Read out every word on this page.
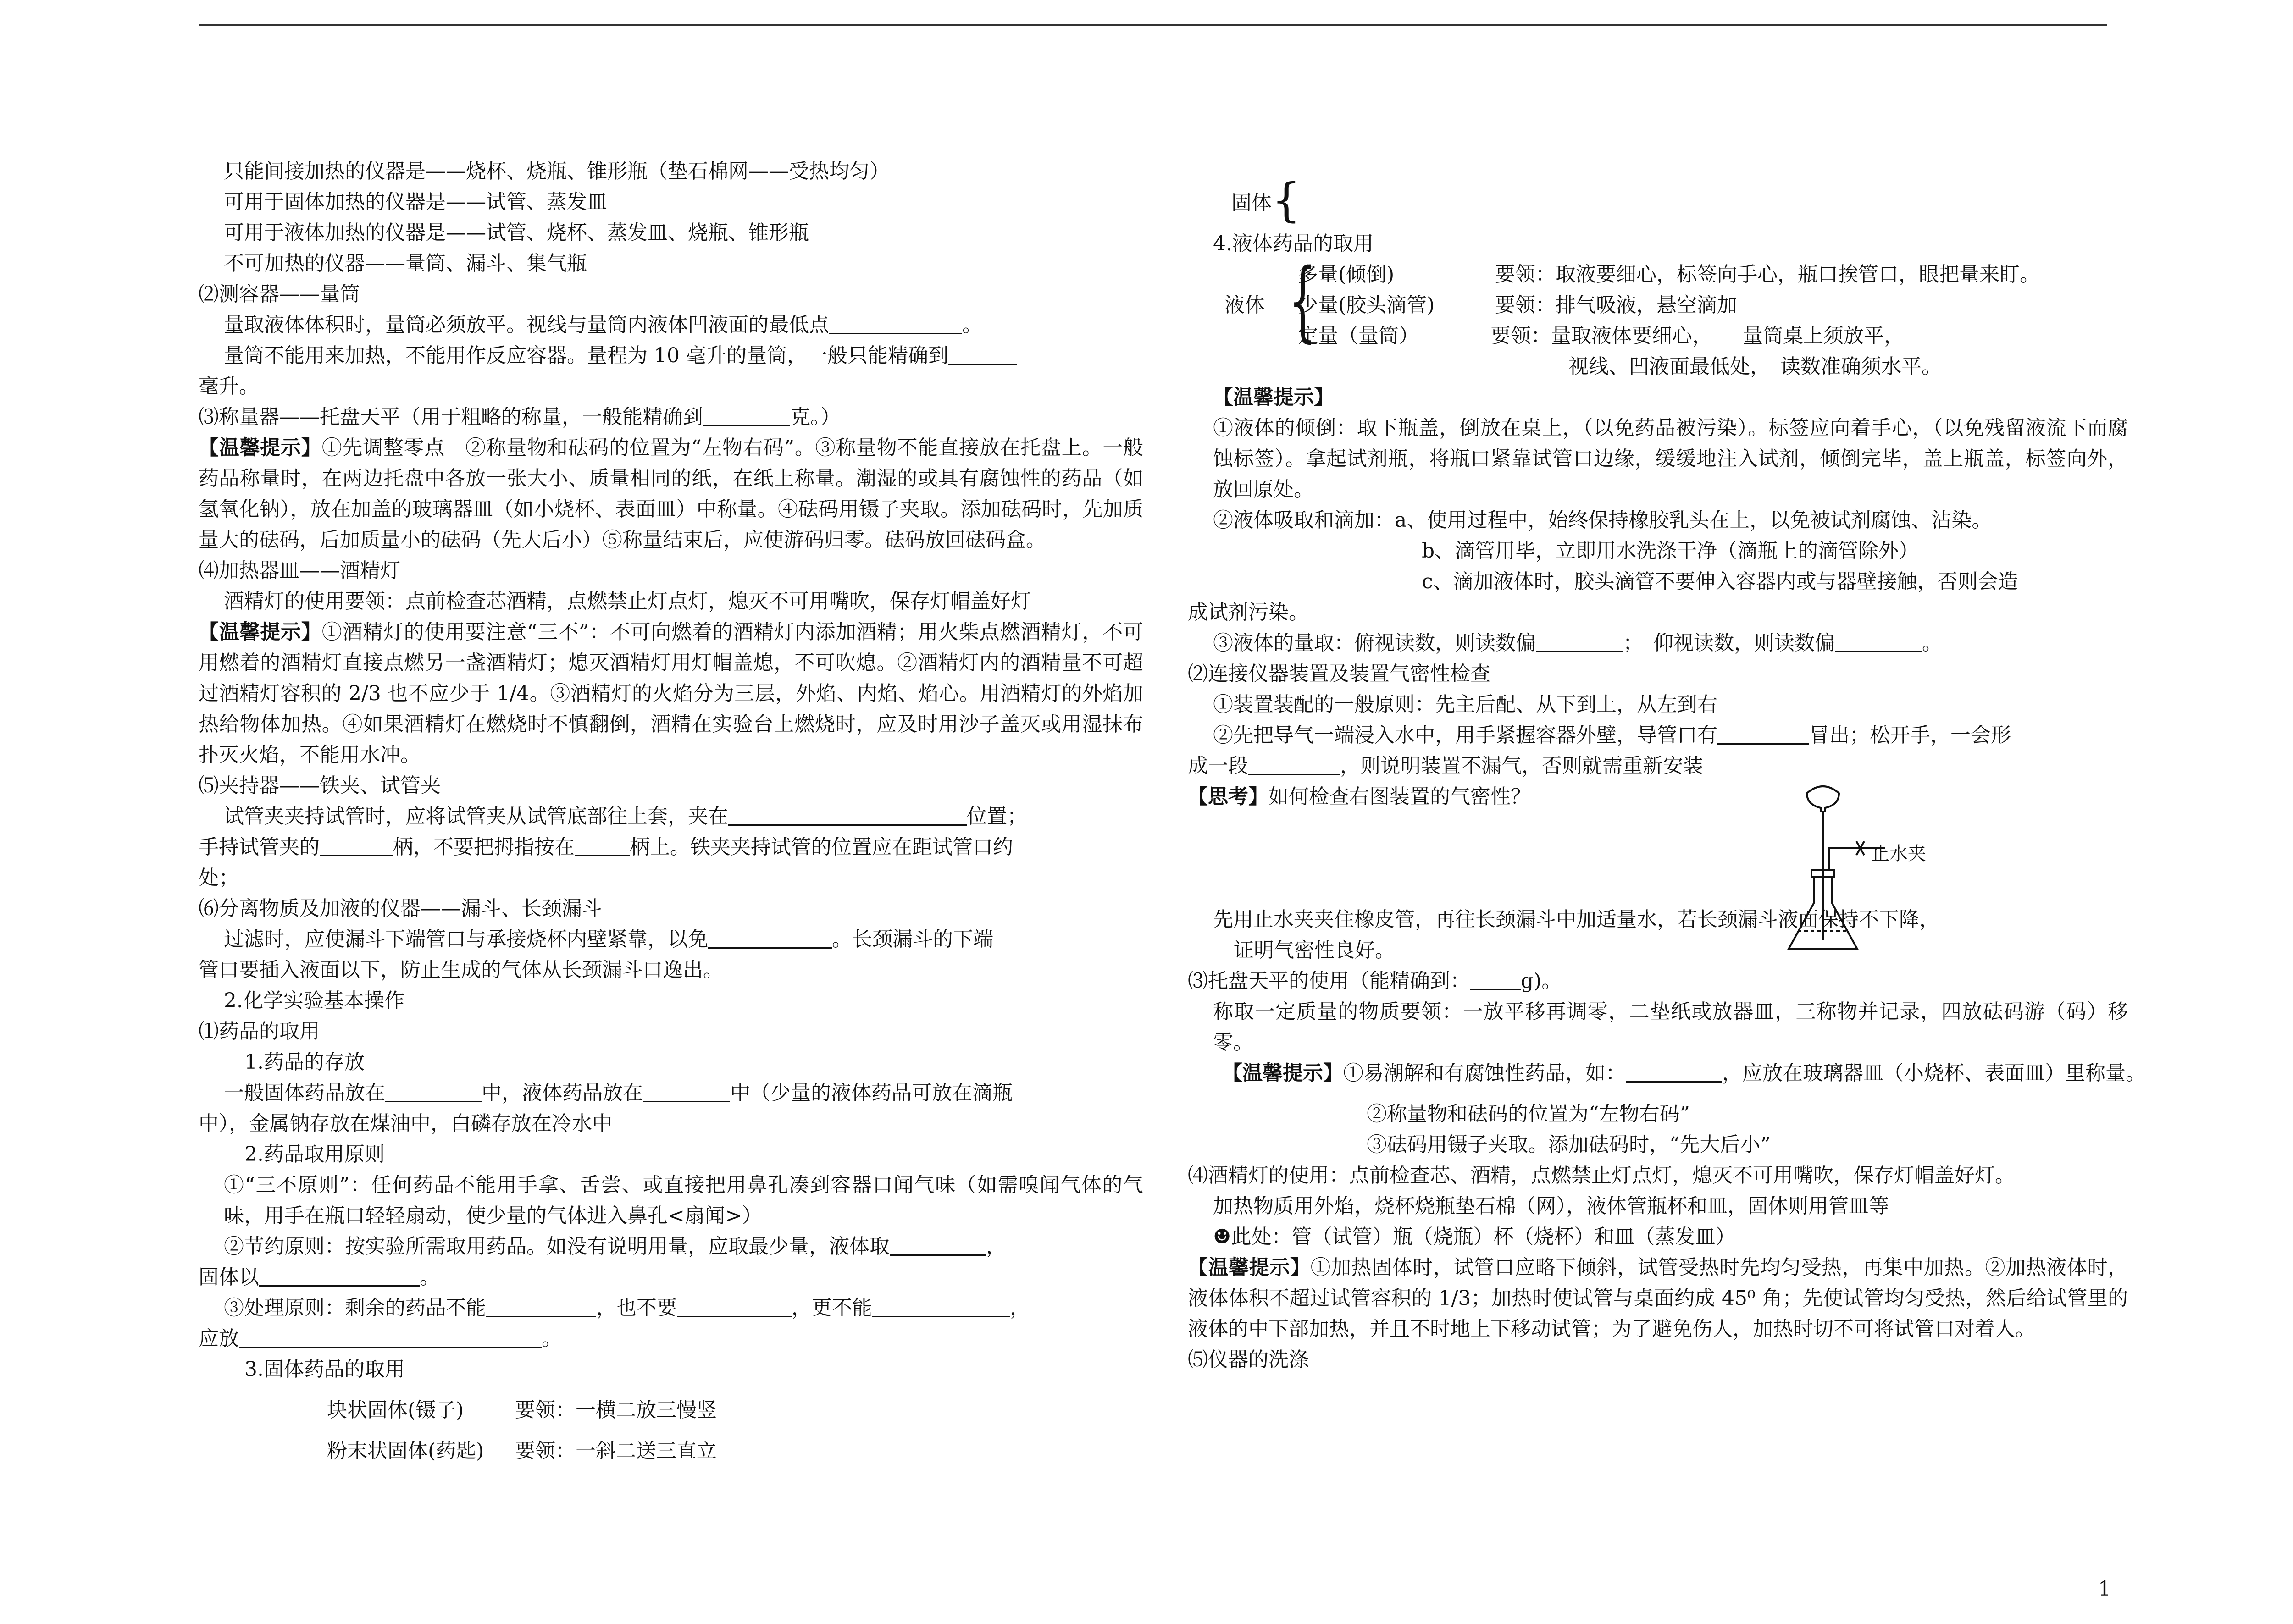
只能间接加热的仪器是——烧杯、烧瓶、锥形瓶（垫石棉网——受热均匀）

可用于固体加热的仪器是——试管、蒸发皿

可用于液体加热的仪器是——试管、烧杯、蒸发皿、烧瓶、锥形瓶

不可加热的仪器——量筒、漏斗、集气瓶

⑵测容器——量筒

量取液体体积时，量筒必须放平。视线与量筒内液体凹液面的最低点	。

量筒不能用来加热，不能用作反应容器。量程为 10 毫升的量筒，一般只能精确到

毫升。

⑶称量器——托盘天平（用于粗略的称量，一般能精确到	克。）

【温馨提示】①先调整零点　②称量物和砝码的位置为“左物右码”。③称量物不能直接放在托盘上。一般药品称量时，在两边托盘中各放一张大小、质量相同的纸，在纸上称量。潮湿的或具有腐蚀性的药品（如氢氧化钠），放在加盖的玻璃器皿（如小烧杯、表面皿）中称量。④砝码用镊子夹取。添加砝码时，先加质量大的砝码，后加质量小的砝码（先大后小）⑤称量结束后，应使游码归零。砝码放回砝码盒。

⑷加热器皿——酒精灯

酒精灯的使用要领：点前检查芯酒精，点燃禁止灯点灯，熄灭不可用嘴吹，保存灯帽盖好灯

【温馨提示】①酒精灯的使用要注意“三不”：不可向燃着的酒精灯内添加酒精；用火柴点燃酒精灯，不可用燃着的酒精灯直接点燃另一盏酒精灯；熄灭酒精灯用灯帽盖熄，不可吹熄。②酒精灯内的酒精量不可超过酒精灯容积的 2/3 也不应少于 1/4。③酒精灯的火焰分为三层，外焰、内焰、焰心。用酒精灯的外焰加热给物体加热。④如果酒精灯在燃烧时不慎翻倒，酒精在实验台上燃烧时，应及时用沙子盖灭或用湿抹布扑灭火焰，不能用水冲。

⑸夹持器——铁夹、试管夹

试管夹夹持试管时，应将试管夹从试管底部往上套，夹在	位置；

手持试管夹的	柄，不要把拇指按在	柄上。铁夹夹持试管的位置应在距试管口约

处；

⑹分离物质及加液的仪器——漏斗、长颈漏斗

过滤时，应使漏斗下端管口与承接烧杯内壁紧靠，以免	。长颈漏斗的下端

管口要插入液面以下，防止生成的气体从长颈漏斗口逸出。

2.化学实验基本操作

⑴药品的取用

1.药品的存放

一般固体药品放在	中，液体药品放在	中（少量的液体药品可放在滴瓶

中），金属钠存放在煤油中，白磷存放在冷水中

2.药品取用原则

①“三不原则”：任何药品不能用手拿、舌尝、或直接把用鼻孔凑到容器口闻气味（如需嗅闻气体的气味，用手在瓶口轻轻扇动，使少量的气体进入鼻孔<扇闻>）

②节约原则：按实验所需取用药品。如没有说明用量，应取最少量，液体取	，

固体以	。

③处理原则：剩余的药品不能	，也不要	，更不能	，

应放	。

3.固体药品的取用

块状固体(镊子)	要领：一横二放三慢竖
粉末状固体(药匙)	要领：一斜二送三直立

固体{

4.液体药品的取用

液体 {
多量(倾倒)	要领：取液要细心，标签向手心，瓶口挨管口，眼把量来盯。
少量(胶头滴管)	要领：排气吸液，悬空滴加
定量（量筒）	要领：量取液体要细心，　　量筒桌上须放平，

视线、凹液面最低处，　读数准确须水平。

【温馨提示】

①液体的倾倒：取下瓶盖，倒放在桌上，（以免药品被污染）。标签应向着手心，（以免残留液流下而腐蚀标签）。拿起试剂瓶，将瓶口紧靠试管口边缘，缓缓地注入试剂，倾倒完毕，盖上瓶盖，标签向外，放回原处。

②液体吸取和滴加：a、使用过程中，始终保持橡胶乳头在上，以免被试剂腐蚀、沾染。

b、滴管用毕，立即用水洗涤干净（滴瓶上的滴管除外）

c、滴加液体时，胶头滴管不要伸入容器内或与器壁接触，否则会造

成试剂污染。

③液体的量取：俯视读数，则读数偏	；　仰视读数，则读数偏	。

⑵连接仪器装置及装置气密性检查

①装置装配的一般原则：先主后配、从下到上，从左到右

②先把导气一端浸入水中，用手紧握容器外壁，导管口有	冒出；松开手，一会形

成一段	，则说明装置不漏气，否则就需重新安装

【思考】如何检查右图装置的气密性？

先用止水夹夹住橡皮管，再往长颈漏斗中加适量水，若长颈漏斗液面保持不下降，

证明气密性良好。

⑶托盘天平的使用（能精确到：	g)。

称取一定质量的物质要领：一放平移再调零，二垫纸或放器皿，三称物并记录，四放砝码游（码）移零。

【温馨提示】①易潮解和有腐蚀性药品，如：	，应放在玻璃器皿（小烧杯、表面皿）里称量。

②称量物和砝码的位置为“左物右码”

③砝码用镊子夹取。添加砝码时，“先大后小”

⑷酒精灯的使用：点前检查芯、酒精，点燃禁止灯点灯，熄灭不可用嘴吹，保存灯帽盖好灯。

加热物质用外焰，烧杯烧瓶垫石棉（网），液体管瓶杯和皿，固体则用管皿等

☻此处：管（试管）瓶（烧瓶）杯（烧杯）和皿（蒸发皿）

【温馨提示】①加热固体时，试管口应略下倾斜，试管受热时先均匀受热，再集中加热。②加热液体时，液体体积不超过试管容积的 1/3；加热时使试管与桌面约成 45⁰ 角；先使试管均匀受热，然后给试管里的液体的中下部加热，并且不时地上下移动试管；为了避免伤人，加热时切不可将试管口对着人。

⑸仪器的洗涤

止水夹
1
